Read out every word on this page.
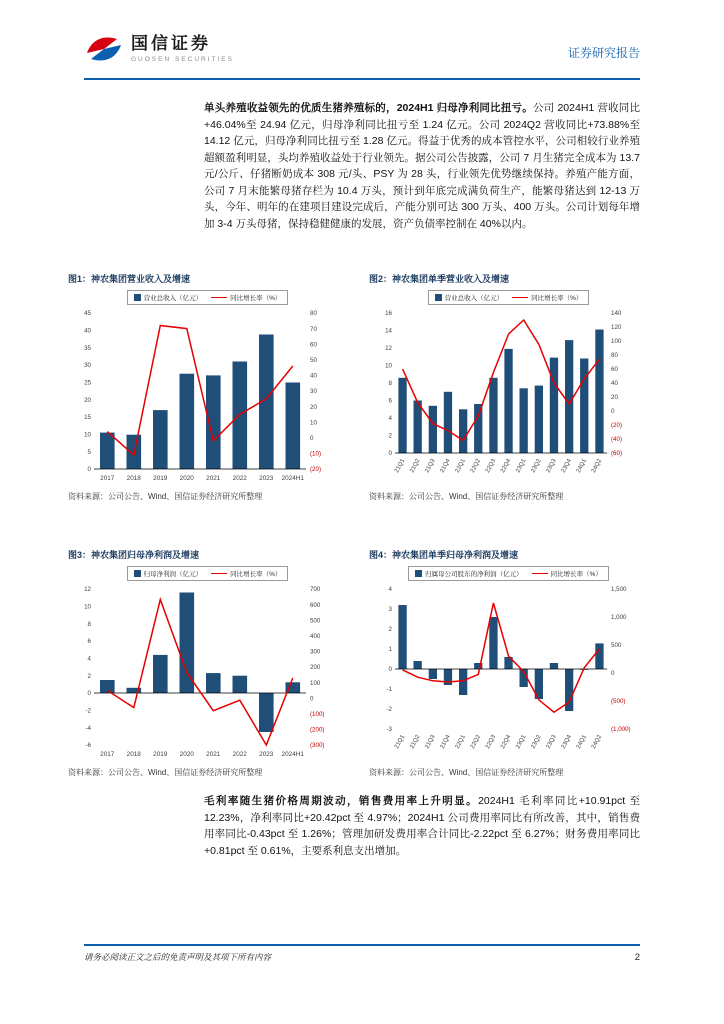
国信证券
GUOSEN SECURITIES	证券研究报告
单头养殖收益领先的优质生猪养殖标的，2024H1 归母净利同比扭亏。公司 2024H1 营收同比+46.04%至 24.94 亿元，归母净利同比扭亏至 1.24 亿元。公司 2024Q2 营收同比+73.88%至 14.12 亿元，归母净利同比扭亏至 1.28 亿元。得益于优秀的成本管控水平，公司相较行业养殖超额盈利明显，头均养殖收益处于行业领先。据公司公告披露，公司 7 月生猪完全成本为 13.7 元/公斤、仔猪断奶成本 308 元/头、PSY 为 28 头，行业领先优势继续保持。养殖产能方面，公司 7 月末能繁母猪存栏为 10.4 万头，预计到年底完成满负荷生产，能繁母猪达到 12-13 万头，今年、明年的在建项目建设完成后，产能分别可达 300 万头、400 万头。公司计划每年增加 3-4 万头母猪，保持稳健健康的发展，资产负债率控制在 40%以内。
图1：神农集团营业收入及增速
营业总收入（亿元）	同比增长率（%）
0
5
10
15
20
25
30
35
40
45
(20)
(10)
0
10
20
30
40
50
60
70
80
2017 2018 2019 2020 2021 2022 2023 2024H1
资料来源：公司公告、Wind、国信证券经济研究所整理
图2：神农集团单季营业收入及增速
营业总收入（亿元）	同比增长率（%）
0
2
4
6
8
10
12
14
16
(60)
(40)
(20)
0
20
40
60
80
100
120
140
21Q1 21Q2 21Q3 21Q4 22Q1 22Q2 22Q3 22Q4 23Q1 23Q2 23Q3 23Q4 24Q1 24Q2
资料来源：公司公告、Wind、国信证券经济研究所整理
图3：神农集团归母净利润及增速
归母净利润（亿元）	同比增长率（%）
-6
-4
-2
0
2
4
6
8
10
12
(300)
(200)
(100)
0
100
200
300
400
500
600
700
2017 2018 2019 2020 2021 2022 2023 2024H1
资料来源：公司公告、Wind、国信证券经济研究所整理
图4：神农集团单季归母净利润及增速
归属母公司股东的净利润（亿元）	同比增长率（%）
-3
-2
-1
0
1
2
3
4
(1,000)
(500)
0
500
1,000
1,500
21Q1 21Q2 21Q3 21Q4 22Q1 22Q2 22Q3 22Q4 23Q1 23Q2 23Q3 23Q4 24Q1 24Q2
资料来源：公司公告、Wind、国信证券经济研究所整理
毛利率随生猪价格周期波动，销售费用率上升明显。2024H1 毛利率同比+10.91pct 至 12.23%，净利率同比+20.42pct 至 4.97%；2024H1 公司费用率同比有所改善，其中，销售费用率同比-0.43pct 至 1.26%；管理加研发费用率合计同比-2.22pct 至 6.27%；财务费用率同比+0.81pct 至 0.61%，主要系利息支出增加。
请务必阅读正文之后的免责声明及其项下所有内容	2
